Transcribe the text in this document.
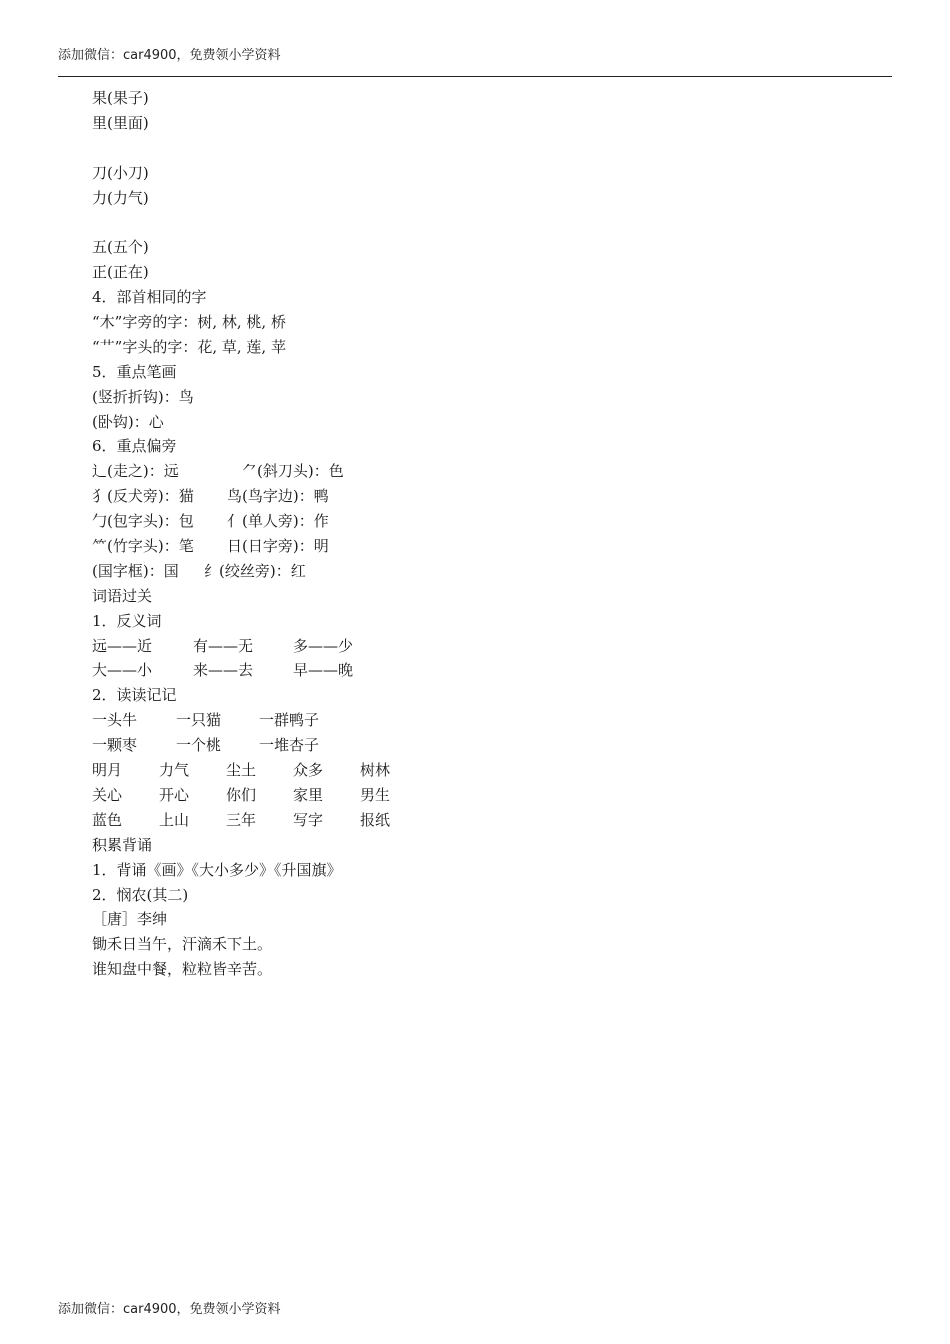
添加微信：car4900，免费领小学资料
果(果子)
里(里面)
刀(小刀)
力(力气)
五(五个)
正(正在)
4．部首相同的字
“木”字旁的字：树, 林, 桃, 桥
“艹”字头的字：花, 草, 莲, 苹
5．重点笔画
(竖折折钩)：鸟
(卧钩)：心
6．重点偏旁
辶(走之)：远	⺈(斜刀头)：色
犭(反犬旁)：猫 鸟(鸟字边)：鸭
勹(包字头)：包 亻(单人旁)：作
⺮(竹字头)：笔 日(日字旁)：明
(国字框)：国 纟(绞丝旁)：红
词语过关
1．反义词
远——近	有——无	多——少
大——小	来——去	早——晚
2．读读记记
一头牛	一只猫	一群鸭子
一颗枣	一个桃	一堆杏子
明月 力气 尘土 众多 树林
关心 开心 你们 家里 男生
蓝色 上山 三年 写字 报纸
积累背诵
1．背诵《画》《大小多少》《升国旗》
2．悯农(其二)
［唐］李绅
锄禾日当午，汗滴禾下土。
谁知盘中餐，粒粒皆辛苦。
添加微信：car4900，免费领小学资料
